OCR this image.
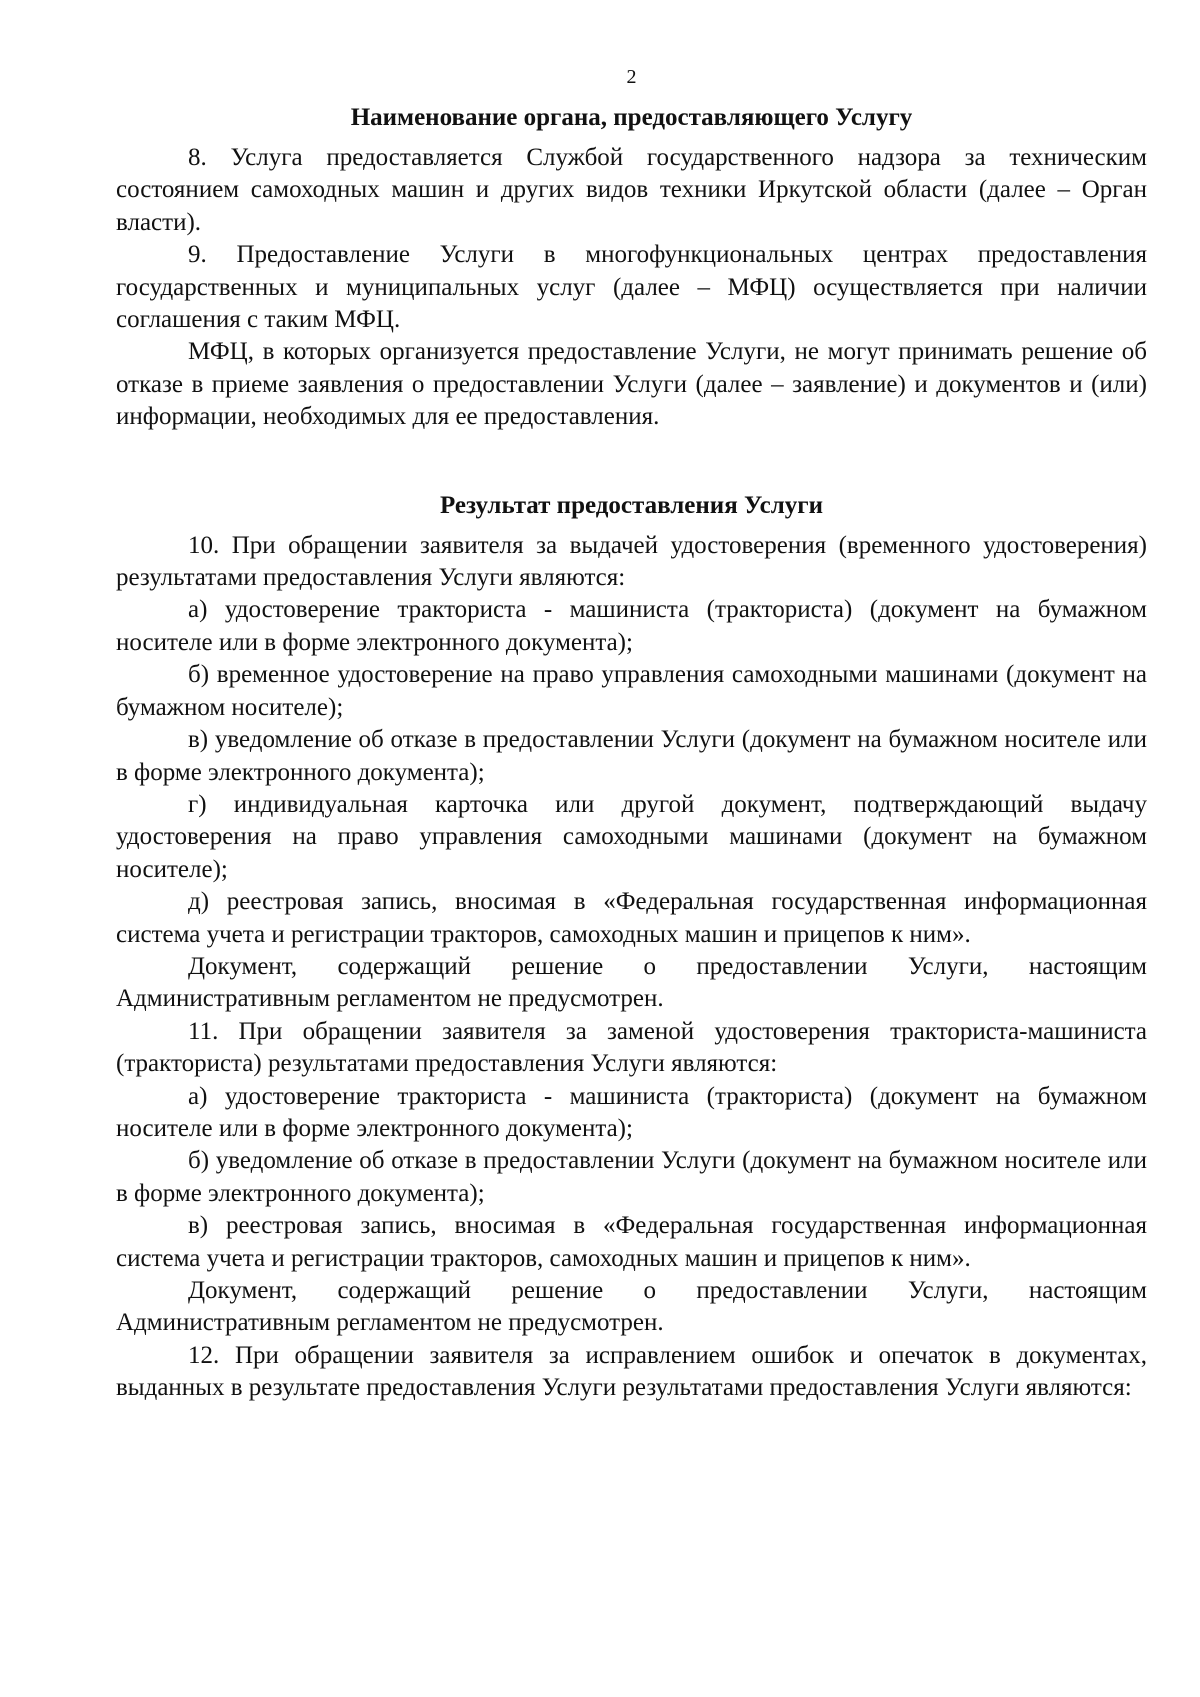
2
Наименование органа, предоставляющего Услугу

8. Услуга предоставляется Службой государственного надзора за техническим состоянием самоходных машин и других видов техники Иркутской области (далее – Орган власти).

9. Предоставление Услуги в многофункциональных центрах предоставления государственных и муниципальных услуг (далее – МФЦ) осуществляется при наличии соглашения с таким МФЦ.

МФЦ, в которых организуется предоставление Услуги, не могут принимать решение об отказе в приеме заявления о предоставлении Услуги (далее – заявление) и документов и (или) информации, необходимых для ее предоставления.

Результат предоставления Услуги

10. При обращении заявителя за выдачей удостоверения (временного удостоверения) результатами предоставления Услуги являются:

а) удостоверение тракториста - машиниста (тракториста) (документ на бумажном носителе или в форме электронного документа);

б) временное удостоверение на право управления самоходными машинами (документ на бумажном носителе);

в) уведомление об отказе в предоставлении Услуги (документ на бумажном носителе или в форме электронного документа);

г) индивидуальная карточка или другой документ, подтверждающий выдачу удостоверения на право управления самоходными машинами (документ на бумажном носителе);

д) реестровая запись, вносимая в «Федеральная государственная информационная система учета и регистрации тракторов, самоходных машин и прицепов к ним».

Документ, содержащий решение о предоставлении Услуги, настоящим Административным регламентом не предусмотрен.

11. При обращении заявителя за заменой удостоверения тракториста-машиниста (тракториста) результатами предоставления Услуги являются:

а) удостоверение тракториста - машиниста (тракториста) (документ на бумажном носителе или в форме электронного документа);

б) уведомление об отказе в предоставлении Услуги (документ на бумажном носителе или в форме электронного документа);

в) реестровая запись, вносимая в «Федеральная государственная информационная система учета и регистрации тракторов, самоходных машин и прицепов к ним».

Документ, содержащий решение о предоставлении Услуги, настоящим Административным регламентом не предусмотрен.

12. При обращении заявителя за исправлением ошибок и опечаток в документах, выданных в результате предоставления Услуги результатами предоставления Услуги являются:
